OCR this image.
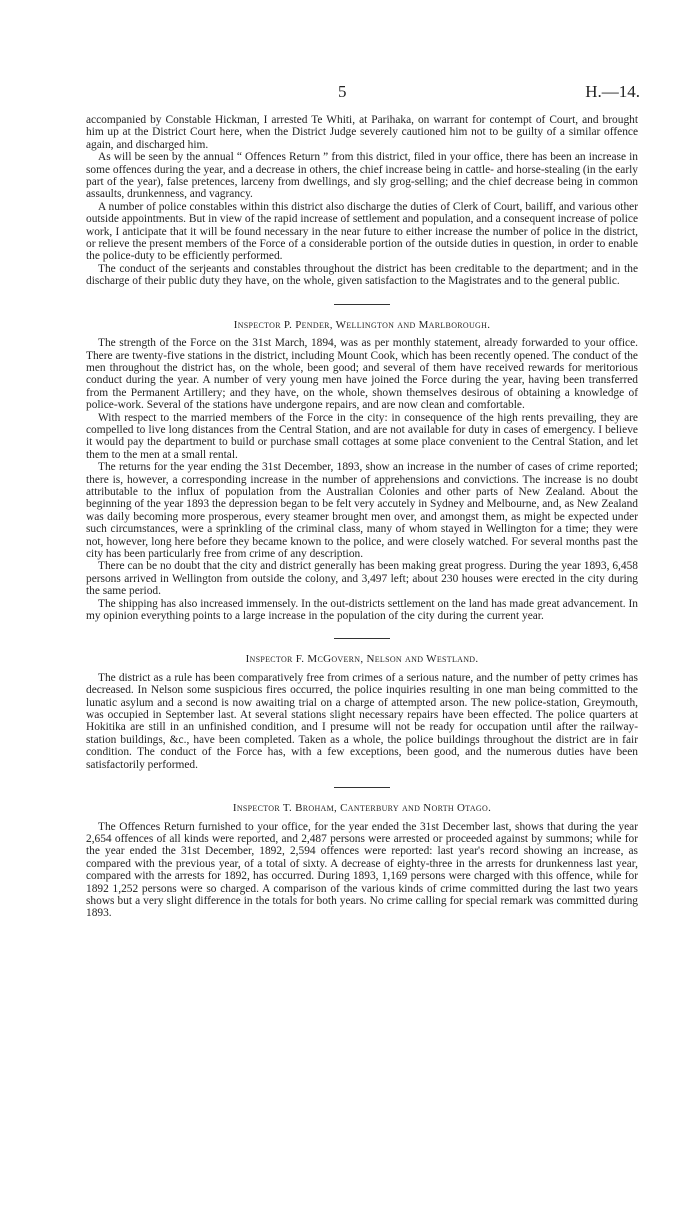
5	H.—14.

accompanied by Constable Hickman, I arrested Te Whiti, at Parihaka, on warrant for contempt of Court, and brought him up at the District Court here, when the District Judge severely cautioned him not to be guilty of a similar offence again, and discharged him.

As will be seen by the annual “ Offences Return ” from this district, filed in your office, there has been an increase in some offences during the year, and a decrease in others, the chief increase being in cattle- and horse-stealing (in the early part of the year), false pretences, larceny from dwellings, and sly grog-selling; and the chief decrease being in common assaults, drunkenness, and vagrancy.

A number of police constables within this district also discharge the duties of Clerk of Court, bailiff, and various other outside appointments. But in view of the rapid increase of settlement and population, and a consequent increase of police work, I anticipate that it will be found necessary in the near future to either increase the number of police in the district, or relieve the present members of the Force of a considerable portion of the outside duties in question, in order to enable the police-duty to be efficiently performed.

The conduct of the serjeants and constables throughout the district has been creditable to the department; and in the discharge of their public duty they have, on the whole, given satisfaction to the Magistrates and to the general public.

Inspector P. Pender, Wellington and Marlborough.

The strength of the Force on the 31st March, 1894, was as per monthly statement, already forwarded to your office. There are twenty-five stations in the district, including Mount Cook, which has been recently opened. The conduct of the men throughout the district has, on the whole, been good; and several of them have received rewards for meritorious conduct during the year. A number of very young men have joined the Force during the year, having been transferred from the Permanent Artillery; and they have, on the whole, shown themselves desirous of obtaining a knowledge of police-work. Several of the stations have undergone repairs, and are now clean and comfortable.

With respect to the married members of the Force in the city: in consequence of the high rents prevailing, they are compelled to live long distances from the Central Station, and are not available for duty in cases of emergency. I believe it would pay the department to build or purchase small cottages at some place convenient to the Central Station, and let them to the men at a small rental.

The returns for the year ending the 31st December, 1893, show an increase in the number of cases of crime reported; there is, however, a corresponding increase in the number of apprehensions and convictions. The increase is no doubt attributable to the influx of population from the Australian Colonies and other parts of New Zealand. About the beginning of the year 1893 the depression began to be felt very accutely in Sydney and Melbourne, and, as New Zealand was daily becoming more prosperous, every steamer brought men over, and amongst them, as might be expected under such circumstances, were a sprinkling of the criminal class, many of whom stayed in Wellington for a time; they were not, however, long here before they became known to the police, and were closely watched. For several months past the city has been particularly free from crime of any description.

There can be no doubt that the city and district generally has been making great progress. During the year 1893, 6,458 persons arrived in Wellington from outside the colony, and 3,497 left; about 230 houses were erected in the city during the same period.

The shipping has also increased immensely. In the out-districts settlement on the land has made great advancement. In my opinion everything points to a large increase in the population of the city during the current year.

Inspector F. McGovern, Nelson and Westland.

The district as a rule has been comparatively free from crimes of a serious nature, and the number of petty crimes has decreased. In Nelson some suspicious fires occurred, the police inquiries resulting in one man being committed to the lunatic asylum and a second is now awaiting trial on a charge of attempted arson. The new police-station, Greymouth, was occupied in September last. At several stations slight necessary repairs have been effected. The police quarters at Hokitika are still in an unfinished condition, and I presume will not be ready for occupation until after the railway-station buildings, &c., have been completed. Taken as a whole, the police buildings throughout the district are in fair condition. The conduct of the Force has, with a few exceptions, been good, and the numerous duties have been satisfactorily performed.

Inspector T. Broham, Canterbury and North Otago.

The Offences Return furnished to your office, for the year ended the 31st December last, shows that during the year 2,654 offences of all kinds were reported, and 2,487 persons were arrested or proceeded against by summons; while for the year ended the 31st December, 1892, 2,594 offences were reported: last year's record showing an increase, as compared with the previous year, of a total of sixty. A decrease of eighty-three in the arrests for drunkenness last year, compared with the arrests for 1892, has occurred. During 1893, 1,169 persons were charged with this offence, while for 1892 1,252 persons were so charged. A comparison of the various kinds of crime committed during the last two years shows but a very slight difference in the totals for both years. No crime calling for special remark was committed during 1893.
